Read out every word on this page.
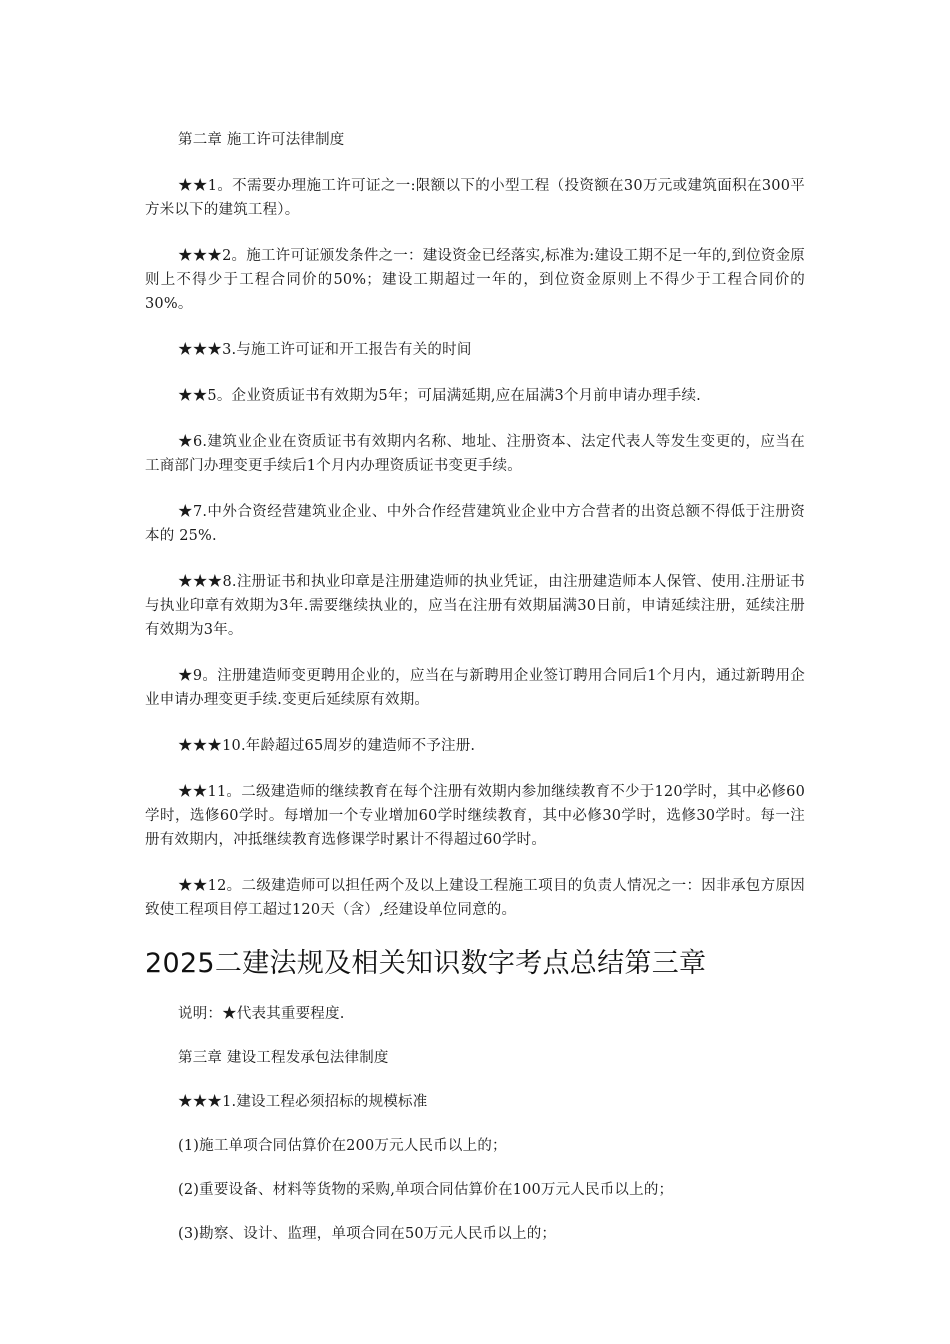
第二章 施工许可法律制度

★★1。不需要办理施工许可证之一:限额以下的小型工程（投资额在30万元或建筑面积在300平方米以下的建筑工程）。

★★★2。施工许可证颁发条件之一：建设资金已经落实,标准为:建设工期不足一年的,到位资金原则上不得少于工程合同价的50%；建设工期超过一年的，到位资金原则上不得少于工程合同价的30%。

★★★3.与施工许可证和开工报告有关的时间

★★5。企业资质证书有效期为5年；可届满延期,应在届满3个月前申请办理手续.

★6.建筑业企业在资质证书有效期内名称、地址、注册资本、法定代表人等发生变更的，应当在工商部门办理变更手续后1个月内办理资质证书变更手续。

★7.中外合资经营建筑业企业、中外合作经营建筑业企业中方合营者的出资总额不得低于注册资本的 25%.

★★★8.注册证书和执业印章是注册建造师的执业凭证，由注册建造师本人保管、使用.注册证书与执业印章有效期为3年.需要继续执业的，应当在注册有效期届满30日前，申请延续注册，延续注册有效期为3年。

★9。注册建造师变更聘用企业的，应当在与新聘用企业签订聘用合同后1个月内，通过新聘用企业申请办理变更手续.变更后延续原有效期。

★★★10.年龄超过65周岁的建造师不予注册.

★★11。二级建造师的继续教育在每个注册有效期内参加继续教育不少于120学时，其中必修60学时，选修60学时。每增加一个专业增加60学时继续教育，其中必修30学时，选修30学时。每一注册有效期内，冲抵继续教育选修课学时累计不得超过60学时。

★★12。二级建造师可以担任两个及以上建设工程施工项目的负责人情况之一：因非承包方原因致使工程项目停工超过120天（含）,经建设单位同意的。

2025二建法规及相关知识数字考点总结第三章

说明：★代表其重要程度.

第三章 建设工程发承包法律制度

★★★1.建设工程必须招标的规模标准

(1)施工单项合同估算价在200万元人民币以上的；

(2)重要设备、材料等货物的采购,单项合同估算价在100万元人民币以上的；

(3)勘察、设计、监理，单项合同在50万元人民币以上的；
